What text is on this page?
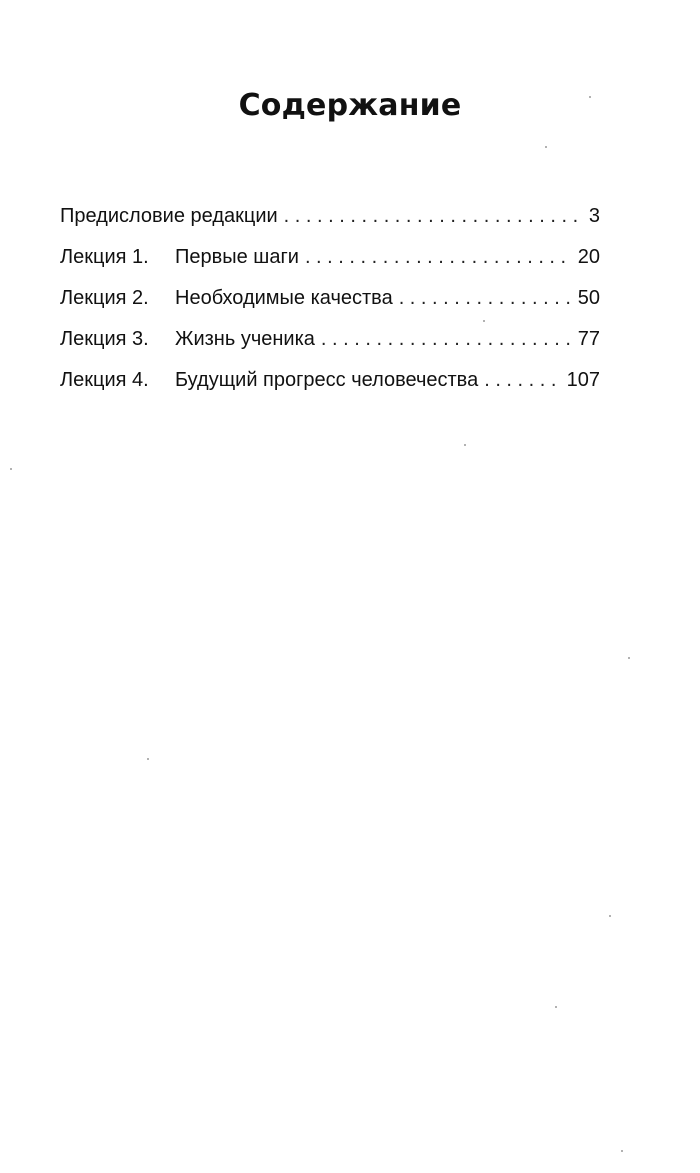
Содержание
Предисловие редакции . . .	3
Лекция 1. Первые шаги . . .	20
Лекция 2. Необходимые качества . . .	50
Лекция 3. Жизнь ученика . . .	77
Лекция 4. Будущий прогресс человечества . . .	107
